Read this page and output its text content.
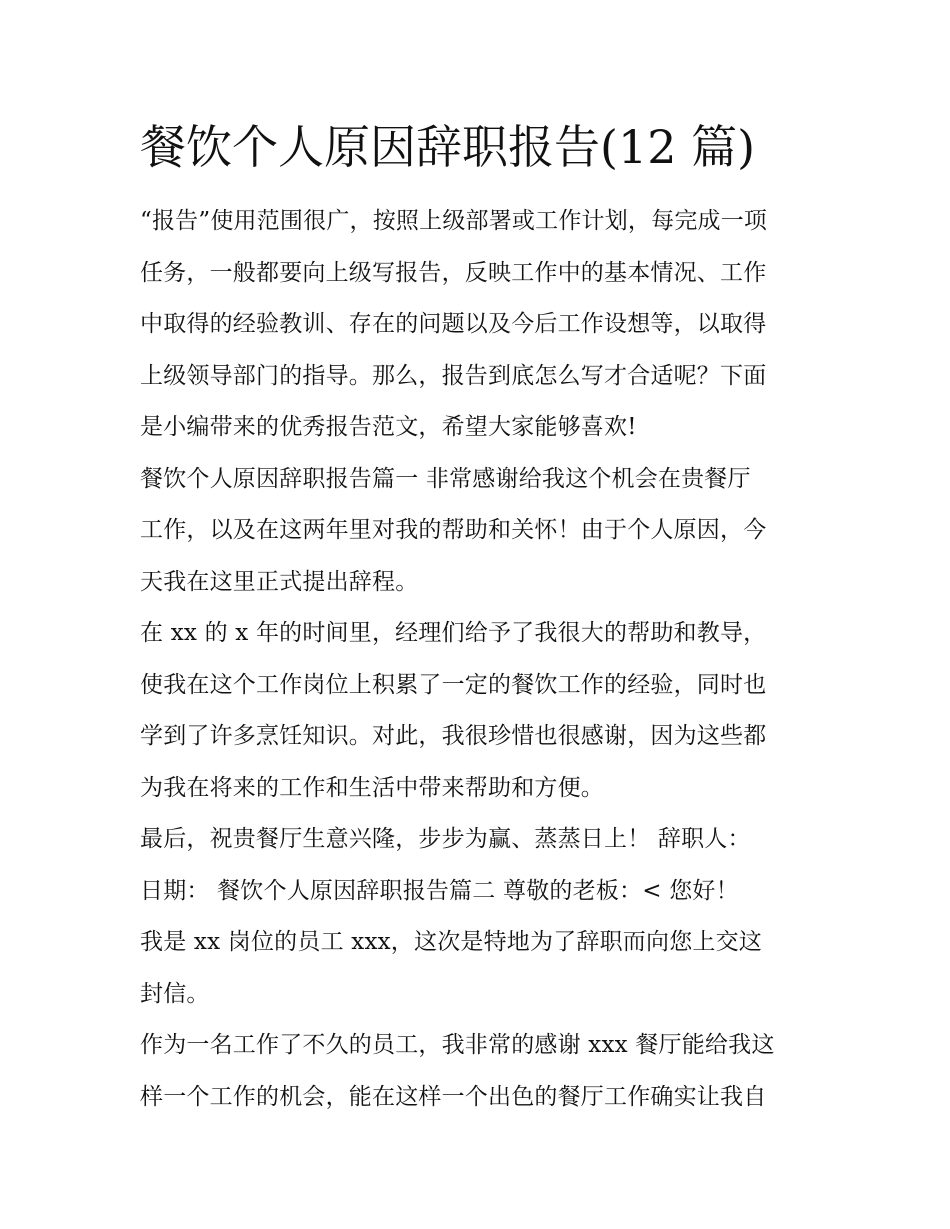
餐饮个人原因辞职报告(12 篇)
“报告”使用范围很广，按照上级部署或工作计划，每完成一项
任务，一般都要向上级写报告，反映工作中的基本情况、工作
中取得的经验教训、存在的问题以及今后工作设想等，以取得
上级领导部门的指导。那么，报告到底怎么写才合适呢？下面
是小编带来的优秀报告范文，希望大家能够喜欢!
餐饮个人原因辞职报告篇一 非常感谢给我这个机会在贵餐厅
工作，以及在这两年里对我的帮助和关怀！由于个人原因，今
天我在这里正式提出辞程。
在 xx 的 x 年的时间里，经理们给予了我很大的帮助和教导，
使我在这个工作岗位上积累了一定的餐饮工作的经验，同时也
学到了许多烹饪知识。对此，我很珍惜也很感谢，因为这些都
为我在将来的工作和生活中带来帮助和方便。
最后，祝贵餐厅生意兴隆，步步为赢、蒸蒸日上！ 辞职人：
日期： 餐饮个人原因辞职报告篇二 尊敬的老板：< 您好！
我是 xx 岗位的员工 xxx，这次是特地为了辞职而向您上交这
封信。
作为一名工作了不久的员工，我非常的感谢 xxx 餐厅能给我这
样一个工作的机会，能在这样一个出色的餐厅工作确实让我自
